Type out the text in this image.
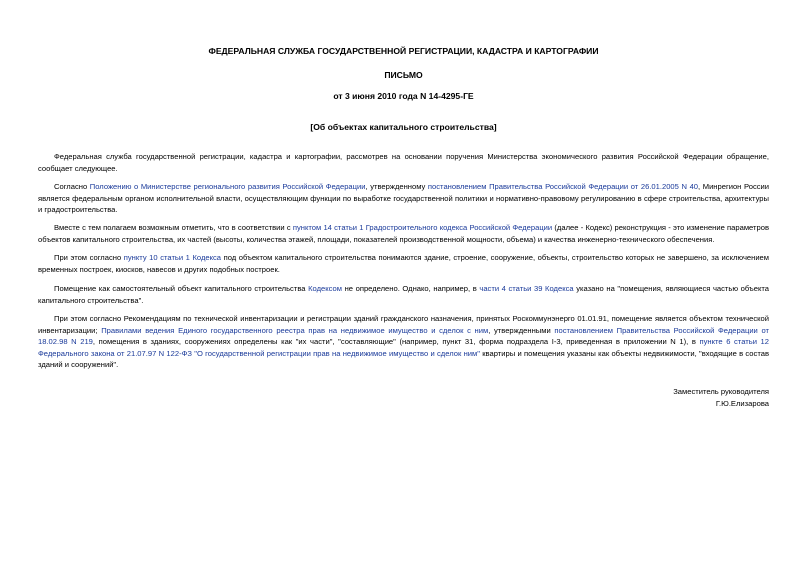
ФЕДЕРАЛЬНАЯ СЛУЖБА ГОСУДАРСТВЕННОЙ РЕГИСТРАЦИИ, КАДАСТРА И КАРТОГРАФИИ
ПИСЬМО
от 3 июня 2010 года N 14-4295-ГЕ
[Об объектах капитального строительства]
Федеральная служба государственной регистрации, кадастра и картографии, рассмотрев на основании поручения Министерства экономического развития Российской Федерации обращение, сообщает следующее.
Согласно Положению о Министерстве регионального развития Российской Федерации, утвержденному постановлением Правительства Российской Федерации от 26.01.2005 N 40, Минрегион России является федеральным органом исполнительной власти, осуществляющим функции по выработке государственной политики и нормативно-правовому регулированию в сфере строительства, архитектуры и градостроительства.
Вместе с тем полагаем возможным отметить, что в соответствии с пунктом 14 статьи 1 Градостроительного кодекса Российской Федерации (далее - Кодекс) реконструкция - это изменение параметров объектов капитального строительства, их частей (высоты, количества этажей, площади, показателей производственной мощности, объема) и качества инженерно-технического обеспечения.
При этом согласно пункту 10 статьи 1 Кодекса под объектом капитального строительства понимаются здание, строение, сооружение, объекты, строительство которых не завершено, за исключением временных построек, киосков, навесов и других подобных построек.
Помещение как самостоятельный объект капитального строительства Кодексом не определено. Однако, например, в части 4 статьи 39 Кодекса указано на "помещения, являющиеся частью объекта капитального строительства".
При этом согласно Рекомендациям по технической инвентаризации и регистрации зданий гражданского назначения, принятых Роскоммунэнерго 01.01.91, помещение является объектом технической инвентаризации; Правилами ведения Единого государственного реестра прав на недвижимое имущество и сделок с ним, утвержденными постановлением Правительства Российской Федерации от 18.02.98 N 219, помещения в зданиях, сооружениях определены как "их части", "составляющие" (например, пункт 31, форма подраздела I-3, приведенная в приложении N 1), в пункте 6 статьи 12 Федерального закона от 21.07.97 N 122-ФЗ "О государственной регистрации прав на недвижимое имущество и сделок ним" квартиры и помещения указаны как объекты недвижимости, "входящие в состав зданий и сооружений".
Заместитель руководителя
Г.Ю.Елизарова
